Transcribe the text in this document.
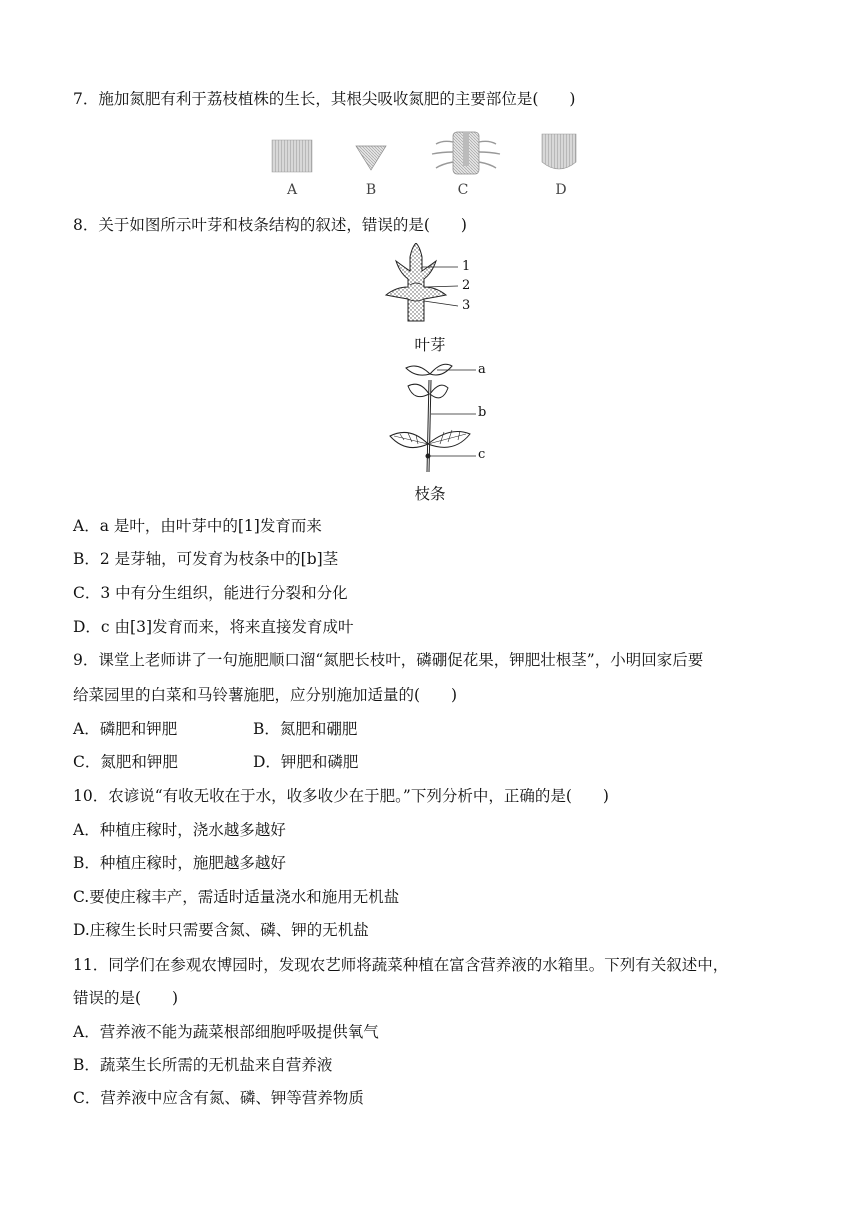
7．施加氮肥有利于荔枝植株的生长，其根尖吸收氮肥的主要部位是(　　)
A	B	C	D
8．关于如图所示叶芽和枝条结构的叙述，错误的是(　　)
1
2
3
叶芽
a
b
c
枝条
A．a 是叶，由叶芽中的[1]发育而来
B．2 是芽轴，可发育为枝条中的[b]茎
C．3 中有分生组织，能进行分裂和分化
D．c 由[3]发育而来，将来直接发育成叶
9．课堂上老师讲了一句施肥顺口溜“氮肥长枝叶，磷硼促花果，钾肥壮根茎”，小明回家后要
给菜园里的白菜和马铃薯施肥，应分别施加适量的(　　)
A．磷肥和钾肥	B．氮肥和硼肥
C．氮肥和钾肥	D．钾肥和磷肥
10．农谚说“有收无收在于水，收多收少在于肥。”下列分析中，正确的是(　　)
A．种植庄稼时，浇水越多越好
B．种植庄稼时，施肥越多越好
C.要使庄稼丰产，需适时适量浇水和施用无机盐
D.庄稼生长时只需要含氮、磷、钾的无机盐
11．同学们在参观农博园时，发现农艺师将蔬菜种植在富含营养液的水箱里。下列有关叙述中，
错误的是(　　)
A．营养液不能为蔬菜根部细胞呼吸提供氧气
B．蔬菜生长所需的无机盐来自营养液
C．营养液中应含有氮、磷、钾等营养物质
